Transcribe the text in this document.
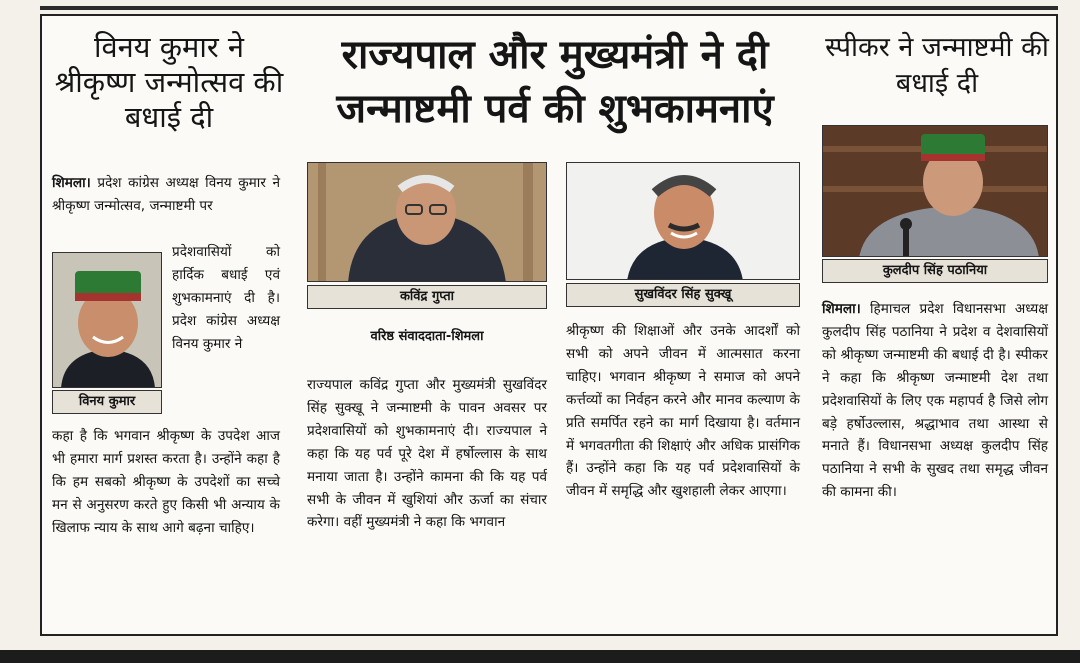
विनय कुमार ने श्रीकृष्ण जन्मोत्सव की बधाई दी
राज्यपाल और मुख्यमंत्री ने दी जन्माष्टमी पर्व की शुभकामनाएं
स्पीकर ने जन्माष्टमी की बधाई दी
शिमला। प्रदेश कांग्रेस अध्यक्ष विनय कुमार ने श्रीकृष्ण जन्मोत्सव, जन्माष्टमी पर
विनय कुमार
प्रदेशवासियों को हार्दिक बधाई एवं शुभकामनाएं दी है। प्रदेश कांग्रेस अध्यक्ष विनय कुमार ने
कहा है कि भगवान श्रीकृष्ण के उपदेश आज भी हमारा मार्ग प्रशस्त करता है। उन्होंने कहा है कि हम सबको श्रीकृष्ण के उपदेशों का सच्चे मन से अनुसरण करते हुए किसी भी अन्याय के खिलाफ न्याय के साथ आगे बढ़ना चाहिए।
कविंद्र गुप्ता	सुखविंदर सिंह सुक्खू
वरिष्ठ संवाददाता-शिमला
राज्यपाल कविंद्र गुप्ता और मुख्यमंत्री सुखविंदर सिंह सुक्खू ने जन्माष्टमी के पावन अवसर पर प्रदेशवासियों को शुभकामनाएं दी। राज्यपाल ने कहा कि यह पर्व पूरे देश में हर्षोल्लास के साथ मनाया जाता है। उन्होंने कामना की कि यह पर्व सभी के जीवन में खुशियां और ऊर्जा का संचार करेगा। वहीं मुख्यमंत्री ने कहा कि भगवान
श्रीकृष्ण की शिक्षाओं और उनके आदर्शों को सभी को अपने जीवन में आत्मसात करना चाहिए। भगवान श्रीकृष्ण ने समाज को अपने कर्त्तव्यों का निर्वहन करने और मानव कल्याण के प्रति समर्पित रहने का मार्ग दिखाया है। वर्तमान में भगवतगीता की शिक्षाएं और अधिक प्रासंगिक हैं। उन्होंने कहा कि यह पर्व प्रदेशवासियों के जीवन में समृद्धि और खुशहाली लेकर आएगा।
कुलदीप सिंह पठानिया
शिमला। हिमाचल प्रदेश विधानसभा अध्यक्ष कुलदीप सिंह पठानिया ने प्रदेश व देशवासियों को श्रीकृष्ण जन्माष्टमी की बधाई दी है। स्पीकर ने कहा कि श्रीकृष्ण जन्माष्टमी देश तथा प्रदेशवासियों के लिए एक महापर्व है जिसे लोग बड़े हर्षोउल्लास, श्रद्धाभाव तथा आस्था से मनाते हैं। विधानसभा अध्यक्ष कुलदीप सिंह पठानिया ने सभी के सुखद तथा समृद्ध जीवन की कामना की।
